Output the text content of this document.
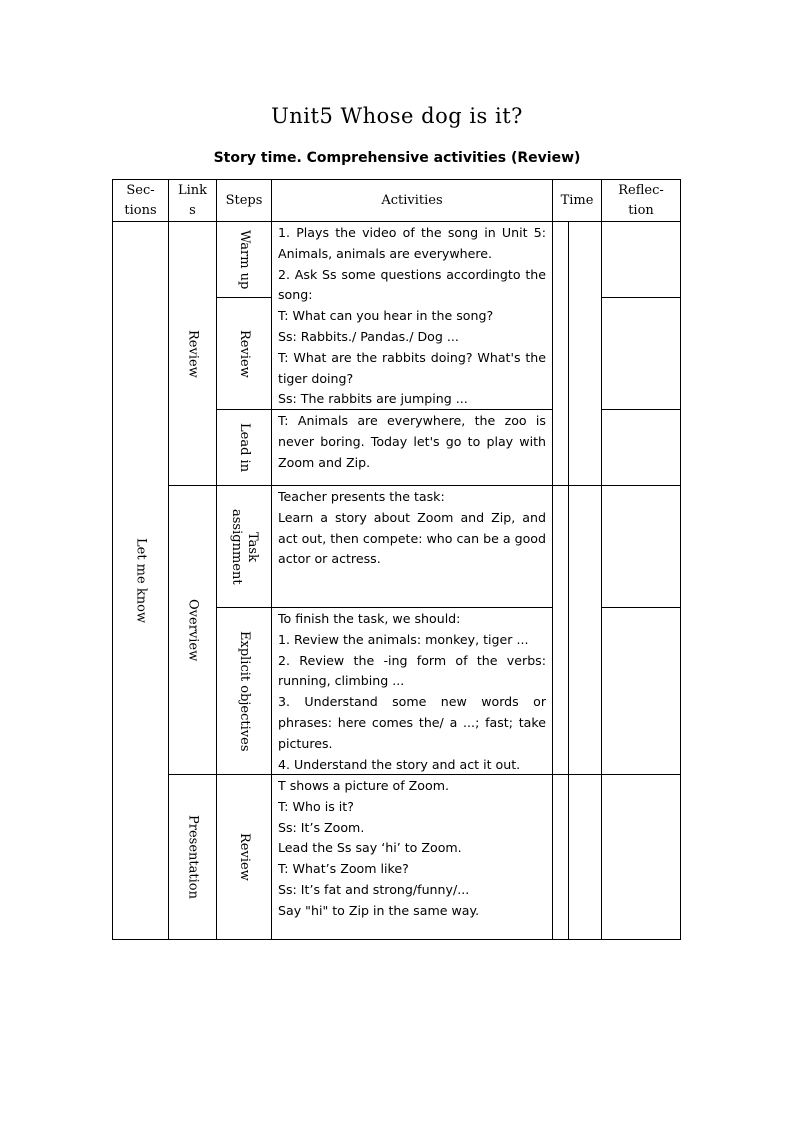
Unit5 Whose dog is it?
Story time. Comprehensive activities (Review)
Sec-
tions
Link
s
Steps	Activities	Time
Reflec-
tion
Let me know
Review
Overview
Presentation
Warm up
Review
Lead in
Task
assignment
Explicit objectives
Review
1. Plays the video of the song in Unit 5: Animals, animals are everywhere.
2. Ask Ss some questions accordingto the song:
T: What can you hear in the song?
Ss: Rabbits./ Pandas./ Dog ...
T: What are the rabbits doing? What's the tiger doing?
Ss: The rabbits are jumping ...
T: Animals are everywhere, the zoo is never boring. Today let's go to play with Zoom and Zip.
Teacher presents the task:
Learn a story about Zoom and Zip, and act out, then compete: who can be a good actor or actress.
To finish the task, we should:
1. Review the animals: monkey, tiger ...
2. Review the -ing form of the verbs: running, climbing ...
3. Understand some new words or phrases: here comes the/ a ...; fast; take pictures.
4. Understand the story and act it out.
T shows a picture of Zoom.
T: Who is it?
Ss: It’s Zoom.
Lead the Ss say ‘hi’ to Zoom.
T: What’s Zoom like?
Ss: It’s fat and strong/funny/...
Say "hi" to Zip in the same way.
